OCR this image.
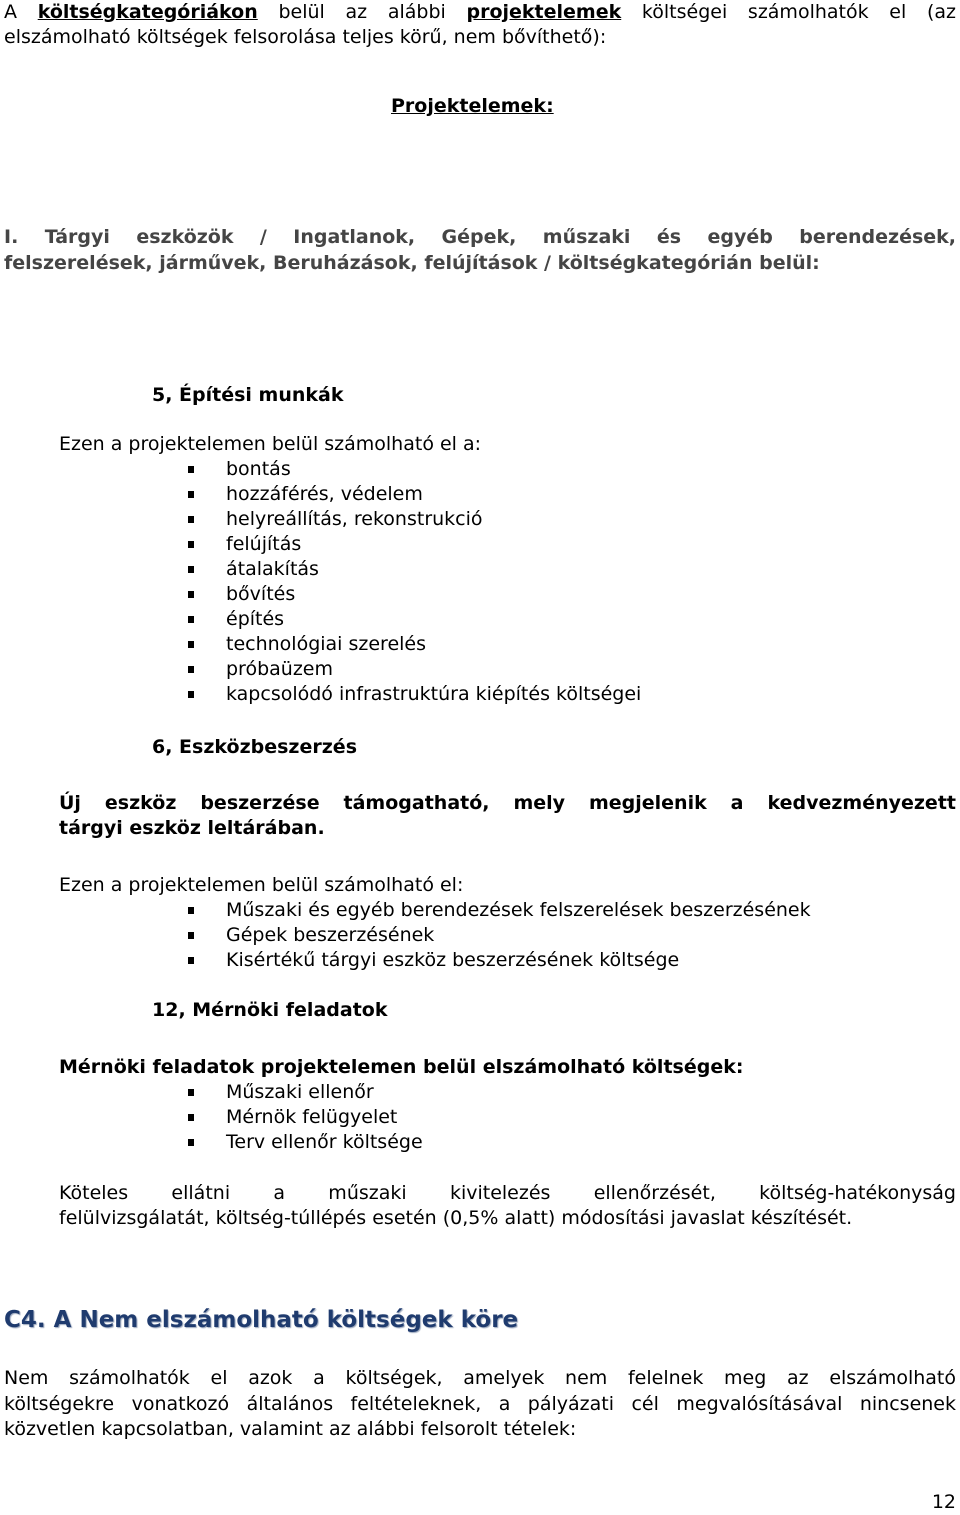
A költségkategóriákon belül az alábbi projektelemek költségei számolhatók el (az
elszámolható költségek felsorolása teljes körű, nem bővíthető):
Projektelemek:
I. Tárgyi eszközök / Ingatlanok, Gépek, műszaki és egyéb berendezések,
felszerelések, járművek, Beruházások, felújítások / költségkategórián belül:
5, Építési munkák
Ezen a projektelemen belül számolható el a:
bontás
hozzáférés, védelem
helyreállítás, rekonstrukció
felújítás
átalakítás
bővítés
építés
technológiai szerelés
próbaüzem
kapcsolódó infrastruktúra kiépítés költségei
6, Eszközbeszerzés
Új eszköz beszerzése támogatható, mely megjelenik a kedvezményezett
tárgyi eszköz leltárában.
Ezen a projektelemen belül számolható el:
Műszaki és egyéb berendezések felszerelések beszerzésének
Gépek beszerzésének
Kisértékű tárgyi eszköz beszerzésének költsége
12, Mérnöki feladatok
Mérnöki feladatok projektelemen belül elszámolható költségek:
Műszaki ellenőr
Mérnök felügyelet
Terv ellenőr költsége
Köteles ellátni a műszaki kivitelezés ellenőrzését, költség-hatékonyság
felülvizsgálatát, költség-túllépés esetén (0,5% alatt) módosítási javaslat készítését.
C4. A Nem elszámolható költségek köre
Nem számolhatók el azok a költségek, amelyek nem felelnek meg az elszámolható
költségekre vonatkozó általános feltételeknek, a pályázati cél megvalósításával nincsenek
közvetlen kapcsolatban, valamint az alábbi felsorolt tételek:
12
